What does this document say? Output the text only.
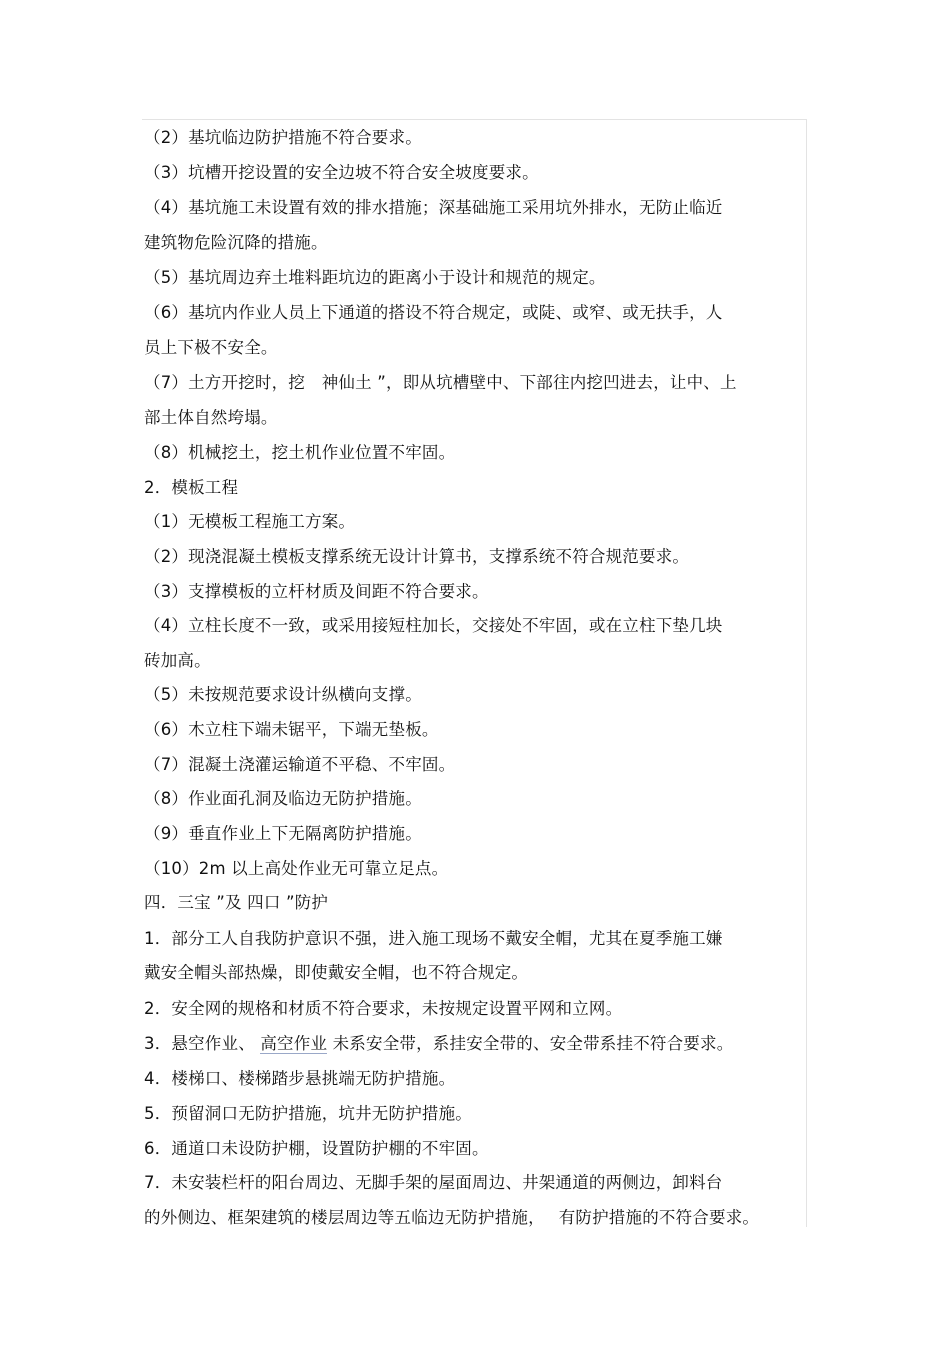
（2）基坑临边防护措施不符合要求。
（3）坑槽开挖设置的安全边坡不符合安全坡度要求。
（4）基坑施工未设置有效的排水措施；深基础施工采用坑外排水，无防止临近
建筑物危险沉降的措施。
（5）基坑周边弃土堆料距坑边的距离小于设计和规范的规定。
（6）基坑内作业人员上下通道的搭设不符合规定，或陡、或窄、或无扶手，人
员上下极不安全。
（7）土方开挖时，挖　神仙土 ”，即从坑槽壁中、下部往内挖凹进去，让中、上
部土体自然垮塌。
（8）机械挖土，挖土机作业位置不牢固。
2．模板工程
（1）无模板工程施工方案。
（2）现浇混凝土模板支撑系统无设计计算书，支撑系统不符合规范要求。
（3）支撑模板的立杆材质及间距不符合要求。
（4）立柱长度不一致，或采用接短柱加长，交接处不牢固，或在立柱下垫几块
砖加高。
（5）未按规范要求设计纵横向支撑。
（6）木立柱下端未锯平，下端无垫板。
（7）混凝土浇灌运输道不平稳、不牢固。
（8）作业面孔洞及临边无防护措施。
（9）垂直作业上下无隔离防护措施。
（10）2m 以上高处作业无可靠立足点。
四．三宝 ”及 四口 ”防护
1．部分工人自我防护意识不强，进入施工现场不戴安全帽，尤其在夏季施工嫌
戴安全帽头部热燥，即使戴安全帽，也不符合规定。
2．安全网的规格和材质不符合要求，未按规定设置平网和立网。
3．悬空作业、 高空作业 未系安全带，系挂安全带的、安全带系挂不符合要求。
4．楼梯口、楼梯踏步悬挑端无防护措施。
5．预留洞口无防护措施，坑井无防护措施。
6．通道口未设防护棚，设置防护棚的不牢固。
7．未安装栏杆的阳台周边、无脚手架的屋面周边、井架通道的两侧边，卸料台
的外侧边、框架建筑的楼层周边等五临边无防护措施，　 有防护措施的不符合要求。
